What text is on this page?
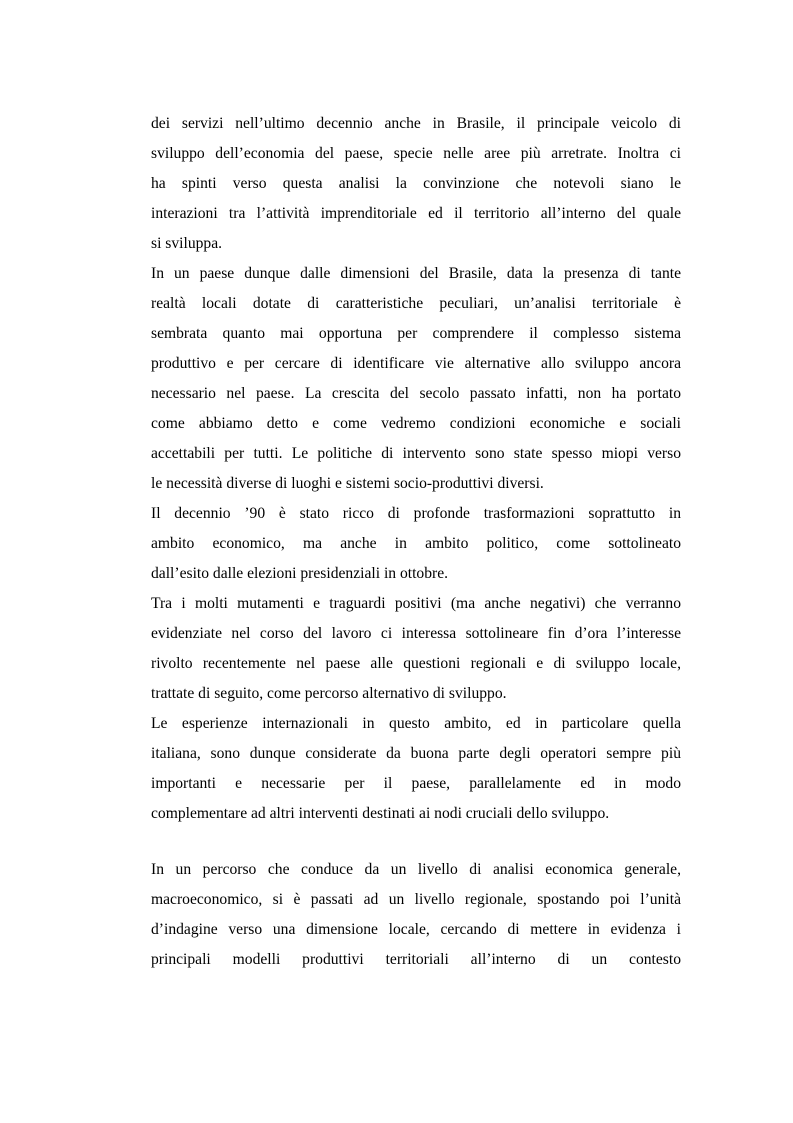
dei servizi nell’ultimo decennio anche in Brasile, il principale veicolo di
sviluppo dell’economia del paese, specie nelle aree più arretrate. Inoltra ci
ha spinti verso questa analisi la convinzione che notevoli siano le
interazioni tra l’attività imprenditoriale ed il territorio all’interno del quale
si sviluppa.
In un paese dunque dalle dimensioni del Brasile, data la presenza di tante
realtà locali dotate di caratteristiche peculiari, un’analisi territoriale è
sembrata quanto mai opportuna per comprendere il complesso sistema
produttivo e per cercare di identificare vie alternative allo sviluppo ancora
necessario nel paese. La crescita del secolo passato infatti, non ha portato
come abbiamo detto e come vedremo condizioni economiche e sociali
accettabili per tutti. Le politiche di intervento sono state spesso miopi verso
le necessità diverse di luoghi e sistemi socio-produttivi diversi.
Il decennio ’90 è stato ricco di profonde trasformazioni soprattutto in
ambito economico, ma anche in ambito politico, come sottolineato
dall’esito dalle elezioni presidenziali in ottobre.
Tra i molti mutamenti e traguardi positivi (ma anche negativi) che verranno
evidenziate nel corso del lavoro ci interessa sottolineare fin d’ora l’interesse
rivolto recentemente nel paese alle questioni regionali e di sviluppo locale,
trattate di seguito, come percorso alternativo di sviluppo.
Le esperienze internazionali in questo ambito, ed in particolare quella
italiana, sono dunque considerate da buona parte degli operatori sempre più
importanti e necessarie per il paese, parallelamente ed in modo
complementare ad altri interventi destinati ai nodi cruciali dello sviluppo.
In un percorso che conduce da un livello di analisi economica generale,
macroeconomico, si è passati ad un livello regionale, spostando poi l’unità
d’indagine verso una dimensione locale, cercando di mettere in evidenza i
principali modelli produttivi territoriali all’interno di un contesto
